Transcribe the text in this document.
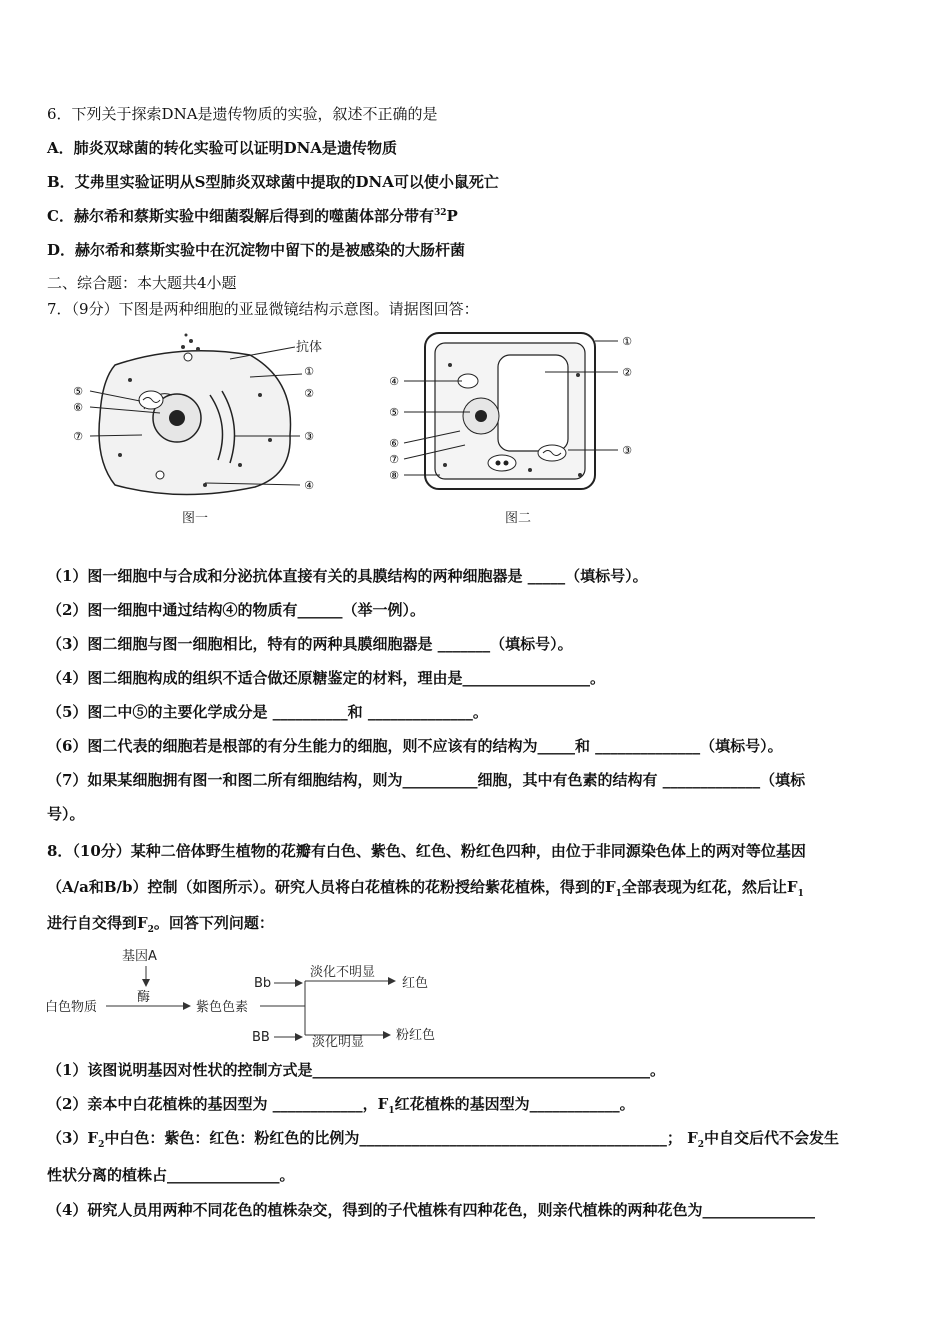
6．下列关于探索DNA是遗传物质的实验，叙述不正确的是
A．肺炎双球菌的转化实验可以证明DNA是遗传物质
B．艾弗里实验证明从S型肺炎双球菌中提取的DNA可以使小鼠死亡
C．赫尔希和蔡斯实验中细菌裂解后得到的噬菌体部分带有$^{32}$P
D．赫尔希和蔡斯实验中在沉淀物中留下的是被感染的大肠杆菌
二、综合题：本大题共4小题
7．（9分）下图是两种细胞的亚显微镜结构示意图。请据图回答：
抗体
①
②
③
④
⑤
⑥
⑦
图一
①
②
③
④
⑤
⑥
⑦
⑧
图二
（1）图一细胞中与合成和分泌抗体直接有关的具膜结构的两种细胞器是 _____（填标号）。
（2）图一细胞中通过结构④的物质有______（举一例）。
（3）图二细胞与图一细胞相比，特有的两种具膜细胞器是 _______（填标号）。
（4）图二细胞构成的组织不适合做还原糖鉴定的材料，理由是_________________。
（5）图二中⑤的主要化学成分是 __________和 ______________。
（6）图二代表的细胞若是根部的有分生能力的细胞，则不应该有的结构为_____和 ______________（填标号）。
（7）如果某细胞拥有图一和图二所有细胞结构，则为__________细胞，其中有色素的结构有 _____________（填标
号）。
8．（10分）某种二倍体野生植物的花瓣有白色、紫色、红色、粉红色四种，由位于非同源染色体上的两对等位基因
（A/a和B/b）控制（如图所示）。研究人员将白花植株的花粉授给紫花植株，得到的$F_1$全部表现为红花，然后让$F_1$
进行自交得到$F_2$。回答下列问题：
基因A
酶
白色物质	紫色色素
Bb
淡化不明显
红色
BB	淡化明显 粉红色
（1）该图说明基因对性状的控制方式是_____________________________________________。
（2）亲本中白花植株的基因型为 ____________，$F_1$红花植株的基因型为____________。
$(3)F_2$中白色：紫色：红色：粉红色的比例为_________________________________________； $F_2$中自交后代不会发生
性状分离的植株占_______________。
（4）研究人员用两种不同花色的植株杂交，得到的子代植株有四种花色，则亲代植株的两种花色为_______________
